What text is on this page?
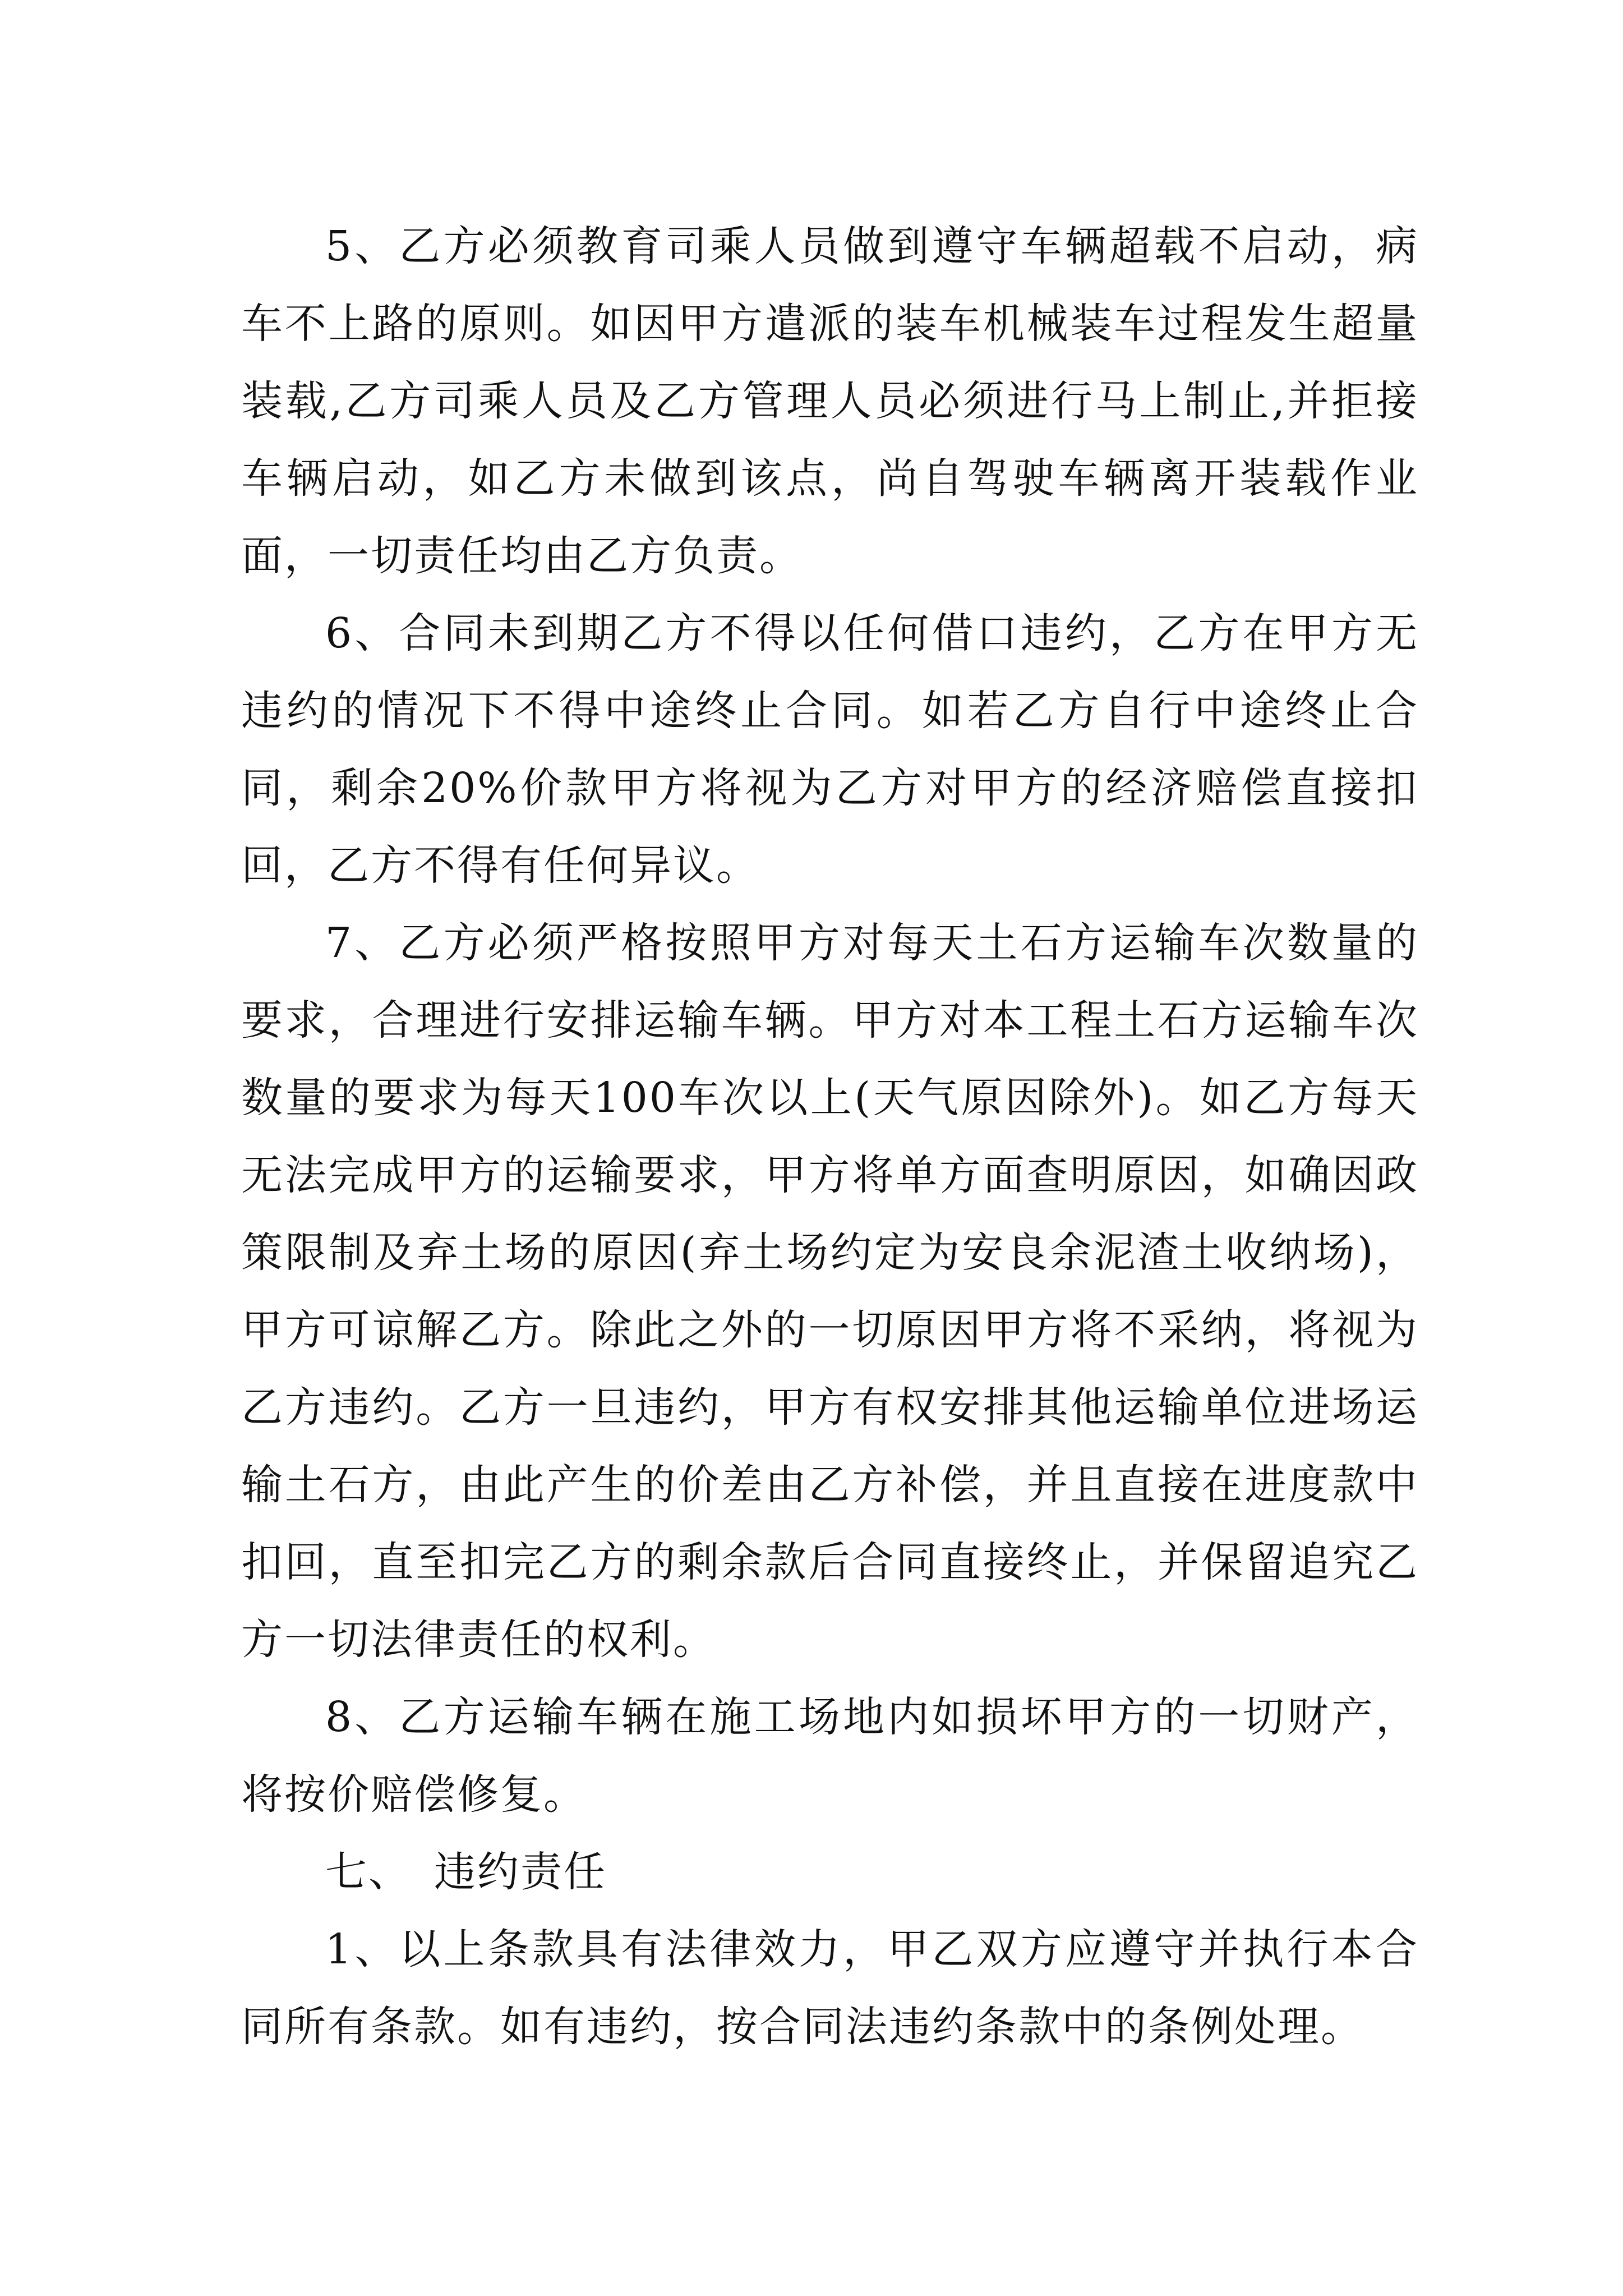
5、乙方必须教育司乘人员做到遵守车辆超载不启动，病车不上路的原则。如因甲方遣派的装车机械装车过程发生超量装载,乙方司乘人员及乙方管理人员必须进行马上制止,并拒接车辆启动，如乙方未做到该点，尚自驾驶车辆离开装载作业面，一切责任均由乙方负责。

6、合同未到期乙方不得以任何借口违约，乙方在甲方无违约的情况下不得中途终止合同。如若乙方自行中途终止合同，剩余20%价款甲方将视为乙方对甲方的经济赔偿直接扣回，乙方不得有任何异议。

7、乙方必须严格按照甲方对每天土石方运输车次数量的要求，合理进行安排运输车辆。甲方对本工程土石方运输车次数量的要求为每天100车次以上(天气原因除外)。如乙方每天无法完成甲方的运输要求，甲方将单方面查明原因，如确因政策限制及弃土场的原因(弃土场约定为安良余泥渣土收纳场)，甲方可谅解乙方。除此之外的一切原因甲方将不采纳，将视为乙方违约。乙方一旦违约，甲方有权安排其他运输单位进场运输土石方，由此产生的价差由乙方补偿，并且直接在进度款中扣回，直至扣完乙方的剩余款后合同直接终止，并保留追究乙方一切法律责任的权利。

8、乙方运输车辆在施工场地内如损坏甲方的一切财产，将按价赔偿修复。

七、 违约责任

1、以上条款具有法律效力，甲乙双方应遵守并执行本合同所有条款。如有违约，按合同法违约条款中的条例处理。
